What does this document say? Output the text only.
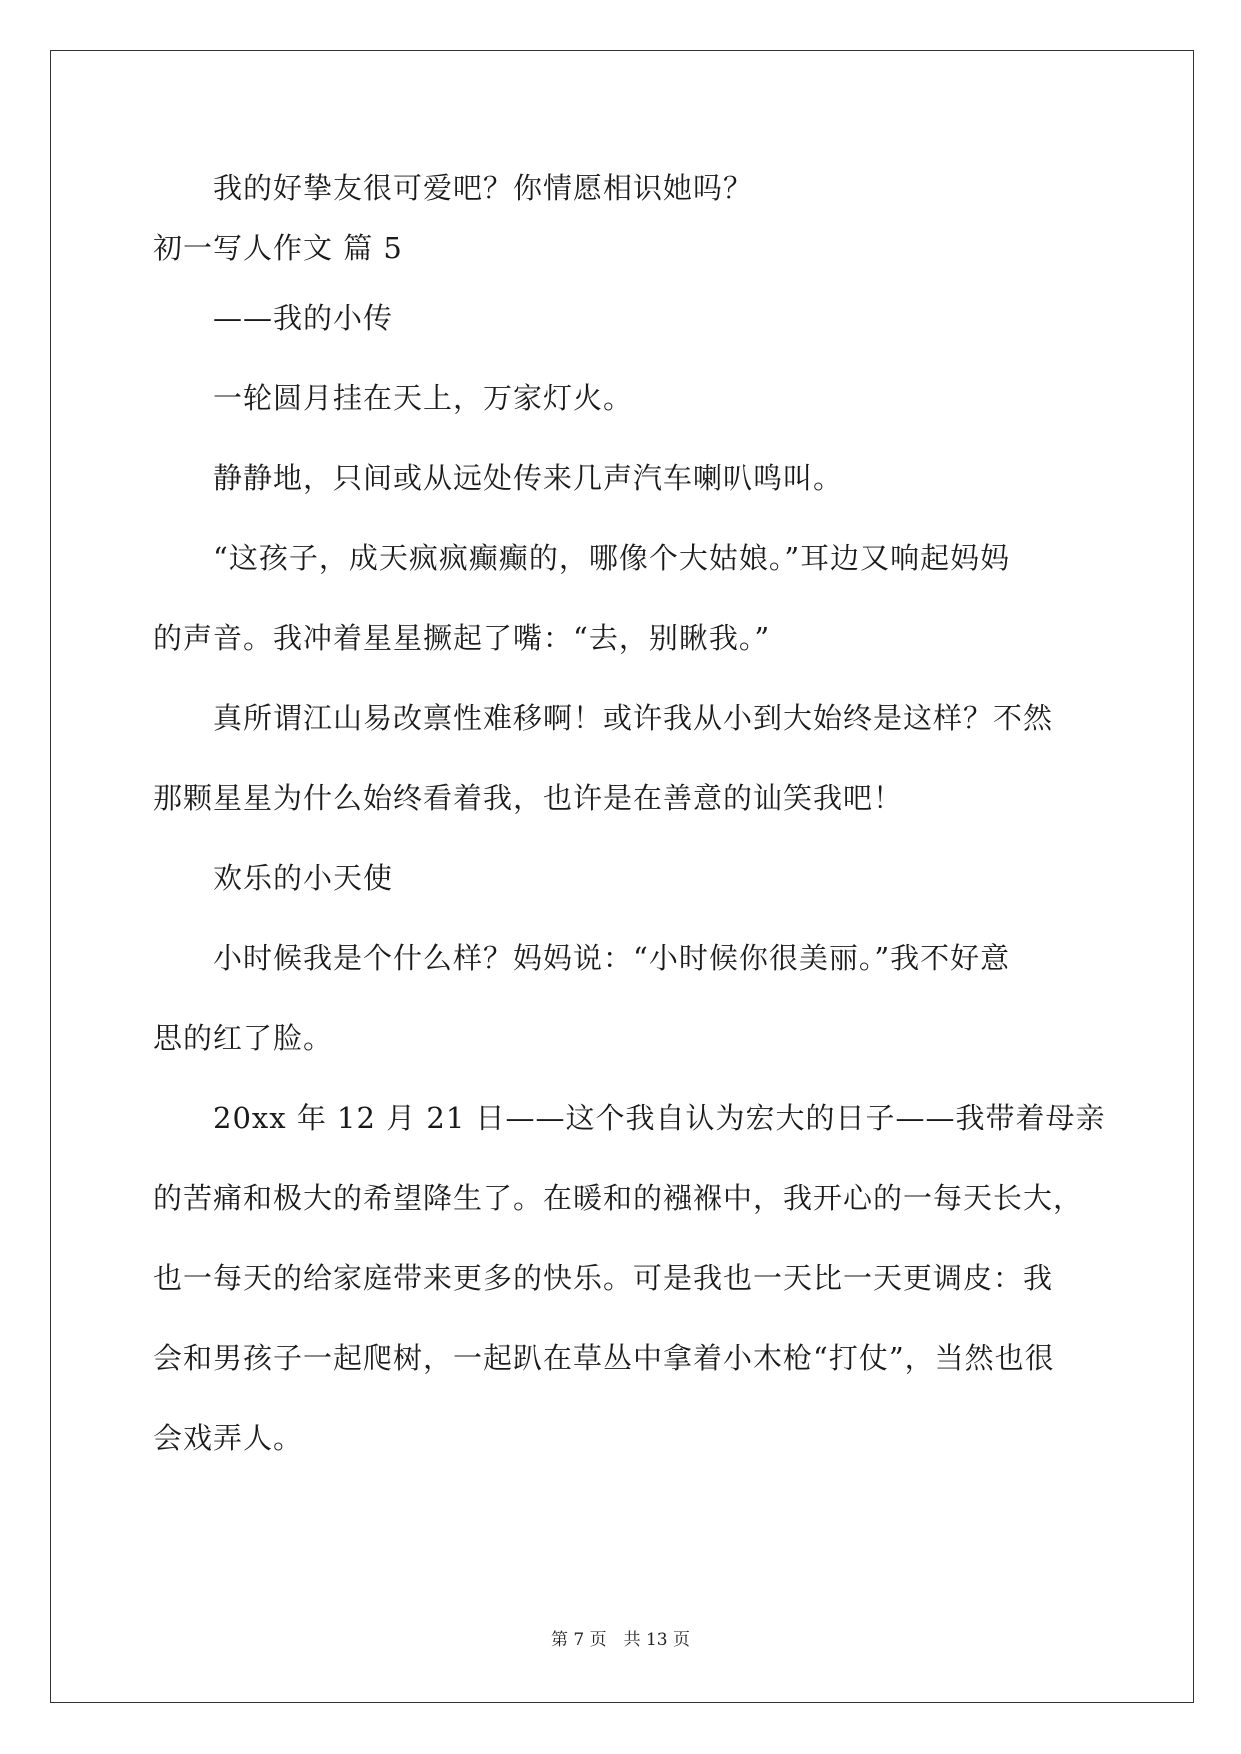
我的好挚友很可爱吧？你情愿相识她吗？
初一写人作文 篇 5
——我的小传
一轮圆月挂在天上，万家灯火。
静静地，只间或从远处传来几声汽车喇叭鸣叫。
“这孩子，成天疯疯癫癫的，哪像个大姑娘。”耳边又响起妈妈
的声音。我冲着星星撅起了嘴：“去，别瞅我。”
真所谓江山易改禀性难移啊！或许我从小到大始终是这样？不然
那颗星星为什么始终看着我，也许是在善意的讪笑我吧！
欢乐的小天使
小时候我是个什么样？妈妈说：“小时候你很美丽。”我不好意
思的红了脸。
20xx 年 12 月 21 日——这个我自认为宏大的日子——我带着母亲
的苦痛和极大的希望降生了。在暖和的襁褓中，我开心的一每天长大，
也一每天的给家庭带来更多的快乐。可是我也一天比一天更调皮：我
会和男孩子一起爬树，一起趴在草丛中拿着小木枪“打仗”，当然也很
会戏弄人。
第 7 页　共 13 页
